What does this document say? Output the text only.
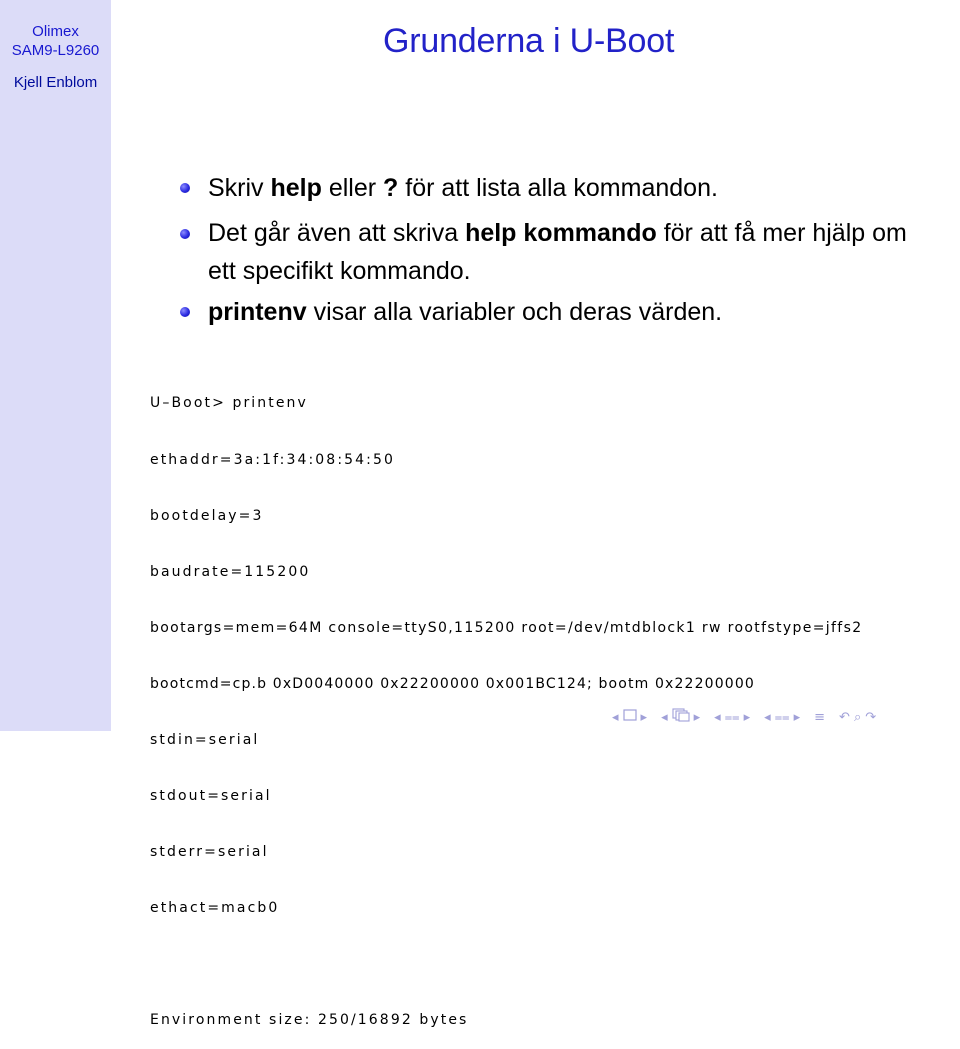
Olimex
SAM9-L9260
Kjell Enblom
Grunderna i U-Boot
Skriv help eller ? för att lista alla kommandon.
Det går även att skriva help kommando för att få mer hjälp om ett specifikt kommando.
printenv visar alla variabler och deras värden.

U–Boot> printenv

ethaddr=3a:1f:34:08:54:50

bootdelay=3

baudrate=115200

bootargs=mem=64M console=ttyS0,115200 root=/dev/mtdblock1 rw rootfstype=jffs2

bootcmd=cp.b 0xD0040000 0x22200000 0x001BC124; bootm 0x22200000

stdin=serial

stdout=serial

stderr=serial

ethact=macb0

Environment size: 250/16892 bytes

◂ ▸ ◂ ▸ ◂ ⩵ ▸ ◂ ⩵ ▸ ≡ ↶ ⌕ ↷
